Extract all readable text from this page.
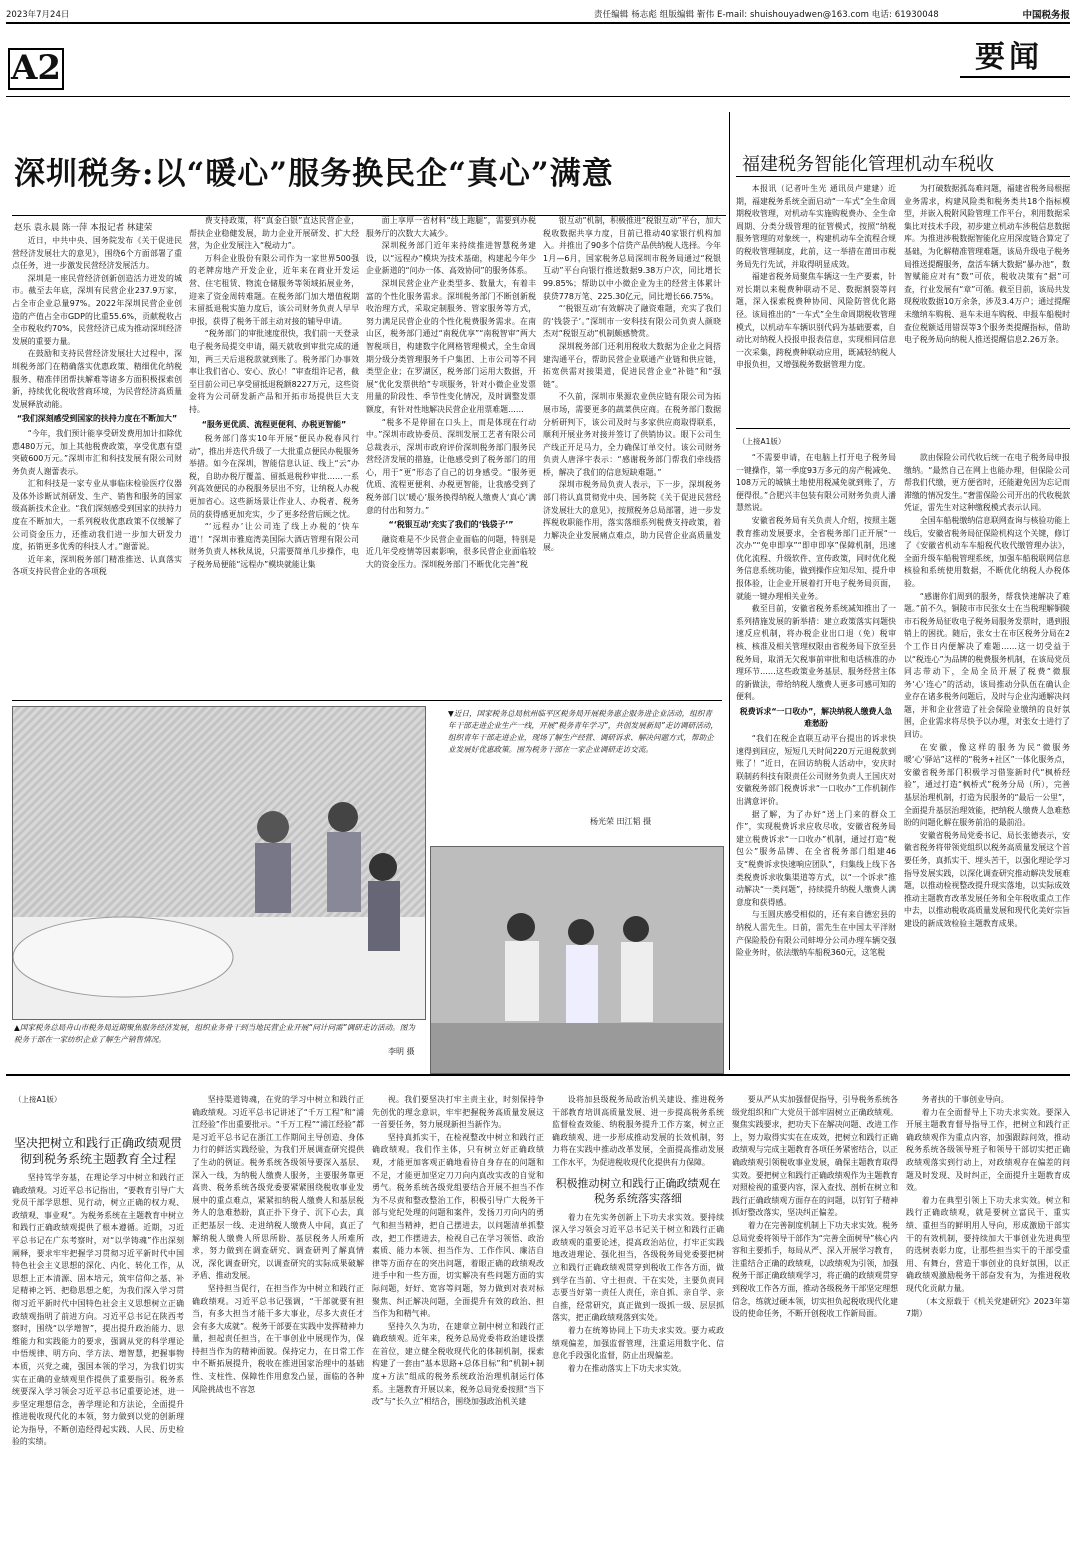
2023年7月24日	责任编辑 杨志彪 组版编辑 靳伟 E-mail: shuishouyadwen@163.com 电话: 61930048	中国税务报
A2	要闻
深圳税务:以“暖心”服务换民企“真心”满意
赵乐 袁永晨 陈一萍 本报记者 林建荣

近日，中共中央、国务院发布《关于促进民营经济发展壮大的意见》，围绕6个方面部署了重点任务，进一步激发民营经济发展活力。

深圳是一座民营经济创新创造活力迸发的城市。截至去年底，深圳有民营企业237.9万家，占全市企业总量97%。2022年深圳民营企业创造的产值占全市GDP的比重55.6%，贡献税收占全市税收约70%，民营经济已成为推动深圳经济发展的重要力量。

在鼓励和支持民营经济发展壮大过程中，深圳税务部门在精确落实优惠政策、精细优化纳税服务、精准伴团帮扶解难等诸多方面积极探索创新，持续优化税收营商环境，为民营经济高质量发展释放动能。

“我们深刻感受到国家的扶持力度在不断加大”

“今年，我们预计能享受研发费用加计扣除优惠480万元，加上其他税费政策，享受优惠有望突破600万元。”深圳市汇和科技发展有限公司财务负责人谢蕾表示。

汇和科技是一家专业从事临床检验医疗仪器及体外诊断试剂研发、生产、销售和服务的国家级高新技术企业。“我们深刻感受到国家的扶持力度在不断加大，一系列税收优惠政策不仅缓解了公司资金压力，还推动我们进一步加大研发力度，拓销更多优秀的科技人才。”谢蕾说。

近年来，深圳税务部门精准推送、认真落实各项支持民营企业的各项税

费支持政策，将“真金白银”直达民营企业，帮扶企业稳健发展，助力企业开展研发、扩大经营，为企业发展注入“税动力”。

万科企业股份有限公司作为一家世界500强的老牌房地产开发企业，近年来在商业开发运营、住宅租赁、物流仓储服务等领域拓展业务，迎来了资金周转难题。在税务部门加大增值税期末留抵退税实施力度后，该公司财务负责人早早申报，获得了税务干部主动对接的辅导申请。

“税务部门的审批速度很快，我们前一天登录电子税务局提交申请，隔天就收到审批完成的通知，两三天后退税款就到账了。税务部门办事效率让我们省心、安心、放心！”审查组许记者，截至目前公司已享受留抵退税额8227万元，这些资金将为公司研发新产品和开拓市场提供巨大支持。

“服务更优质、流程更便利、办税更智能”

税务部门落实10年开展“便民办税春风行动”，推出并迭代升级了一大批重点便民办税服务举措。如今在深圳，智能信息认证、线上“云”办税，自助办税厅覆盖、留抵退税秒审批……一系列高效便民的办税服务层出不穷，让纳税人办税更加省心。这些新场景让作业人、办税者、税务员的获得感更加充实，少了更多经营后顾之忧。

“‘远程办’让公司连了线上办税的‘快车道’！”深圳市雅庭湾美国际大酒店管理有限公司财务负责人林秋凤说，只需要简单几步操作，电子税务局便能“远程办”模块就能让集

面上享厚一省材料“线上跑腿”，需要到办税服务厅的次数大大减少。

深圳税务部门近年来持续推进智慧税务建设，以“远程办”模块为技术基础，构建起今年少企业新道的“问办一体、高效协同”的服务体系。

深圳民营企业产业类型多、数量大，有着丰富的个性化服务需求。深圳税务部门不断创新税收治理方式，采取定制服务、管家服务等方式，努力满足民营企业的个性化税费服务需求。在南山区，税务部门通过“南税优享”“南税智审”两大智税项目，构建数字化网格管理模式，全生命周期分级分类管理服务千户集团、上市公司等不同类型企业；在罗湖区，税务部门运用大数据，开展“优化发票供给”专项服务，针对小微企业发票用量的阶段性、季节性变化情况，及时调整发票额度，有针对性地解决民营企业用票难题……

“税多不是停留在口头上，而是体现在行动中。”深圳市政协委员、深圳发展工艺者有限公司总裁表示，深圳市政府评价深圳税务部门服务民营经济发展的措施，让他感受到了税务部门的用心，用于“更”形态了自己的切身感受。“服务更优质、流程更便利、办税更智能，让我感受到了税务部门以‘暖心’服务换得纳税人缴费人‘真心’满意的付出和努力。”

“‘税银互动’充实了我们的‘钱袋子’”

融资难是不少民营企业面临的问题，特别是近几年受疫情等因素影响，很多民营企业面临较大的资金压力。深圳税务部门不断优化完善“税

银互动”机制，积极推进“税银互动”平台，加大税收数据共享力度，目前已推动40家银行机构加入。并推出了90多个信贷产品供纳税人选择。今年1月—6月，国家税务总局深圳市税务局通过“税银互动”平台向银行推送数据9.38万户次，同比增长99.85%；帮助以中小微企业为主的经营主体累计获贷778万笔、225.30亿元，同比增长66.75%。

“‘税银互动’有效解决了融资难题，充实了我们的‘钱袋子’。”深圳市一安科技有限公司负责人颜晓杰对“税银互动”机制颇感赞赏。

深圳税务部门还利用税收大数据为企业之间搭建沟通平台，帮助民营企业联通产业链和供应链，拓宽供需对接渠道，促进民营企业“补链”和“强链”。

不久前，深圳市果源农业供应链有限公司为拓展市场，需要更多的蔬菜供应商。在税务部门数据分析研判下，该公司及时与多家供应商取得联系，顺利开展业务对接并签订了供销协议。眼下公司生产线正开足马力，全力确保订单交付。该公司财务负责人唐泽宇表示：“感谢税务部门帮我们牵线搭桥，解决了我们的信息短缺难题。”

深圳市税务局负责人表示，下一步，深圳税务部门将认真贯彻党中央、国务院《关于促进民营经济发展壮大的意见》，按照税务总局部署，进一步发挥税收职能作用，落实落细系列税费支持政策，着力解决企业发展痛点难点，助力民营企业高质量发展。

福建税务智能化管理机动车税收

本报讯（记者叶生光 通讯员卢建建）近期，福建税务系统全面启动“一车式”全生命周期税收管理，对机动车实施购税费办、全生命周期、分类分级管理的征管模式，按照“纳税服务管理的对象统一，构建机动车全流程合规的税收管理制度，此前，这一举措在莆田市税务局先行先试，并取得明显成效。

福建省税务局聚焦车辆这一生产要素，针对长期以来税费种联动不足、数据割裂等问题，深入探索税费种协同、风险防管优化路径。该局推出的“一车式”全生命周期税收管理模式，以机动车车辆识别代码为基础要素，自动比对纳税人投报申报表信息，实现相同信息一次采集，跨税费种联动应用，既减轻纳税人申报负担，又增强税务数据管理力度。

为打破数据孤岛难问题，福建省税务局根据业务需求，构建风险类和税务类共18个指标模型，并嵌入税附风险管理工作平台，利用数据采集比对技术手段，初步建立机动车涉税信息数据库。为推进涉税数据智能化应用深度链合算定了基础，为化解精准管理难题，该局升级电子税务局推送提醒服务，盘活车辆大数据“暴办池”，数智赋能应对有“数”可依，税收决策有“据”可查，行业发展有“章”可循。截至目前，该局共发现税收数据10万余条，涉及3.4万户；通过提醒未缴纳车购税、退车未退车购税、申报车船税时查位税额适用错误等3个服务类提醒指标，借助电子税务局向纳税人推送提醒信息2.26万条。

（上接A1版）

“不需要申请，在电脑上打开电子税务局一键操作，第一季度93万多元的房产税减免、108万元的城镇土地使用税减免就到账了，方便得很。”合肥兴丰包装有限公司财务负责人潘慧然说。

安徽省税务局有关负责人介绍，按照主题教育推动发展要求，全省税务部门正开展“一次办”“免申即享”“即申即享”保障机制，迅速优化流程、升级软件、宣传政策，同时优化税务信息系统功能，做到操作应知尽知、提升申报体验，让企业开展着打开电子税务局页面，就能一键办理相关业务。

截至目前，安徽省税务系统减知推出了一系列措施发展的新举措：建立政策落实问题快速反应机制，将办税企业出口退（免）税审核、核准及相关管理权限由省税务局下放至县税务局，取消无欠税事前审批和电话核准的办理环节……这些政策业务基层、服务经营主体的新做法，带给纳税人缴费人更多可感可知的便利。

税费诉求“一口收办”，解决纳税人缴费人急难愁盼

“我们在税企直联互动平台提出的诉求快速得到回应，短短几天时间220万元退税款到账了！”近日，在回访纳税人活动中，安庆时联制药科技有限责任公司财务负责人王国庆对安徽税务部门税费诉求“一口收办”工作机制作出满意评价。

据了解，为了办好“送上门来的群众工作”，实现税费诉求应收尽收，安徽省税务局建立税费诉求“一口收办”机制，通过打造“税包公”服务品牌、在全省税务部门组建46支“税费诉求快速响应团队”，归集线上线下各类税费诉求收集渠道等方式，以“一个诉求”推动解决“一类问题”，持续提升纳税人缴费人满意度和获得感。

与玉圆庆感受相似的，还有来自德宏县的纳税人雷先生。日前，雷先生在中国太平洋财产保险股份有限公司蚌埠分公司办理车辆交强险业务时，依法缴纳车船税360元，这笔税

款由保险公司代收后统一在电子税务局申报缴纳。“最然自己在网上也能办理，但保险公司帮我们代缴，更方便省时，还能避免因为忘记而滞缴的情况发生。”奢雷保险公司开出的代收税款凭证，雷先生对这种缴税模式表示认同。

全国车船税缴纳信息联网查询与核验功能上线后，安徽省税务局征保险机构这个关键，修订了《安徽省机动车车船税代收代缴管理办法》，全面升级车船税管理系统，加强车船税联网信息核验和系统使用数据，不断优化纳税人办税体验。

“感谢你们周到的服务，帮我快速解决了难题。”前不久，铜陵市市民张女士在当税理解铜陵市石税务局征收电子税务局服务发票时，遇到报销上的困扰。随后，张女士在市区税务分局在2个工作日内便解决了难题……这一切受益于以“税连心”为品牌的税费服务机制，在该局党员同志带动下，全局全员开展了税费“微服务‘心’连心”的活动，该局推动分队伍在确认企业存在诸多税务问题后，及时与企业沟通解决问题，并和企业营造了社会保险业缴纳的良好氛围，企业需求将尽快予以办理，对张女士进行了回访。

在安徽，像这样的服务为民“微服务暖‘心’驿站”这样的“税务+社区”一体化服务点，安徽省税务部门积极学习借鉴新时代“枫桥经验”，通过打造“枫桥式”税务分局（所），完善基层治理机制，打造为民服务的“最后一公里”，全面提升基层治理效能，把纳税人缴费人急难愁盼的问题化解在服务前沿的最前沿。

安徽省税务局党委书记、局长张德表示，安徽省税务将带领党组织以税务高质量发展这个首要任务，真抓实干、埋头苦干，以强化理论学习指导发展实践，以深化调查研究推动解决发展难题，以推动检视整改提升现实落地，以实际成效推动主题教育改革发展任务和全年税收重点工作中去，以推动税收高质量发展和现代化美好宗旨建设的新成效检验主题教育成果。

▼近日，国家税务总局杭州临平区税务局开展税务惠企服务进企业活动，组织青年干部走进企业生产一线，开展“税务青年学习”，共创发展新局”走访调研活动，组织青年干部走进企业，现场了解生产经营、调研诉求、解决问题方式，帮助企业发展好优惠政策。围为税务干部在一家企业调研走访交流。
杨光荣 田江韬 摄
▲国家税务总局舟山市税务局近期聚焦服务经济发展，组织业务骨干到当地民营企业开展“问计问需”调研走访活动。图为税务干部在一家纺织企业了解生产销售情况。
李明 摄
（上接A1版）
坚决把树立和践行正确政绩观贯彻到税务系统主题教育全过程

坚持笃学夯基，在理论学习中树立和践行正确政绩观。习近平总书记指出，“要教育引导广大党员干部学思想、见行动，树立正确的权力观、政绩观、事业观”。为税务系统在主题教育中树立和践行正确政绩观提供了根本遵循。近期，习近平总书记在广东考察时，对“以学铸魂”作出深刻阐释，要求牢牢把握学习贯彻习近平新时代中国特色社会主义思想的深化、内化、转化工作，从思想上正本清源、固本培元，筑牢信仰之基、补足精神之钙、把稳思想之舵，为我们深入学习贯彻习近平新时代中国特色社会主义思想树立正确政绩观指明了前进方向。习近平总书记在陕西考察时，围绕“以学增智”，提出提升政治能力、思维能力和实践能力的要求，强调从党的科学理论中悟规律、明方向、学方法、增智慧，把握事物本质，兴党之魂，强国本领的学习，为我们切实实在正确的业绩观里作提供了重要指引。税务系统要深入学习领会习近平总书记重要论述，进一步坚定理想信念，善学理论和方法论，全面提升推进税收现代化的本领，努力做到以党的创新理论为指导，不断创造经得起实践、人民、历史检验的实绩。

坚持渠道铸魂，在党的学习中树立和践行正确政绩观。习近平总书记讲述了“千万工程”和“浦江经验”作出重要批示。“千万工程”“浦江经验”都是习近平总书记在浙江工作期间主导创造、身体力行的鲜活实践经验，为我们开展调查研究提供了生动的例证。税务系统各级领导要深入基层、深入一线，为纳税人缴费人服务，主要服务靠更高贵、税务系统各级党委要紧紧围绕税收事业发展中的重点难点，紧紧扣纳税人缴费人和基层税务人的急难愁盼，真正扑下身子、沉下心去，真正把基层一线、走进纳税人缴费人中间，真正了解纳税人缴费人所思所盼、基层税务人所难所求，努力做到在调查研究、调查研判了解真情况，深化调查研究，以调查研究的实际成果破解矛盾、推动发展。

坚持担当促行，在担当作为中树立和践行正确政绩观。习近平总书记强调，“干部就要有担当，有多大担当才能干多大事业，尽多大责任才会有多大成就”。税务干部要在实践中发挥精神力量，担起责任担当，在干事创业中展现作为，保持担当作为的精神面貌。保持定力，在日常工作中不断拓展提升，税收在推进国家治理中的基础性、支柱性、保障性作用愈发凸显，面临的各种风险挑战也不容忽

视。我们要坚决打牢主责主业，时刻保持争先创优的理念意识，牢牢把握税务高质量发展这一首要任务，努力展现新担当新作为。

坚持真抓实干，在检视整改中树立和践行正确政绩观。我们作主体，只有树立好正确政绩观，才能更加客观正确地看待自身存在的问题和不足，才能更加坚定刀刀向内真改实改的自觉和勇气。税务系统各级党组要结合开展不担当不作为不尽责和整改整治工作，积极引导广大税务干部与党纪处理的问题和案件，发扬刀刃向内的勇气和担当精神，把自己摆进去，以问题清单抓整改，把工作摆进去，检视自己在学习领悟、政治素质、能力本领、担当作为、工作作风、廉洁自律等方面存在的突出问题，着眼正确的政绩观改进手中和一些方面，切实解决有些问题方面的实际问题，好好、宽容等问题，努力做到对表对标聚焦、纠正解决问题，全面提升有效的政治、担当作为和精气神。

坚持久久为功，在建章立制中树立和践行正确政绩观。近年来，税务总局党委将政治建设摆在首位，建立健全税收现代化的体制机制，探索构建了一套由“基本思路+总体目标”和“机制+制度+方法”组成的税务系统政治治理机制运行体系。主题教育开展以来，税务总局党委按照“当下改”与“长久立”相结合，围绕加强政治机关建

设将加县级税务局政治机关建设、推进税务干部教育培训高质量发展、进一步提高税务系统监督检查效能、纳税服务提升工作方案，树立正确政绩观、进一步形成推动发展的长效机制，努力将在实践中推动改革发展，全面提高推动发展工作水平，为促进税收现代化提供有力保障。

积极推动树立和践行正确政绩观在税务系统落实落细

着力在先实务创新上下功夫求实效。要持续深入学习领会习近平总书记关于树立和践行正确政绩观的重要论述，提高政治站位，打牢正实践地改进理论、强化担当，各级税务局党委要把树立和践行正确政绩观贯穿到税收工作各方面，做到学在当前、守土担责、干在实处，主要负责同志要当好第一责任人责任，亲自抓、亲自学、亲自推，经常研究，真正做到一级抓一级、层层抓落实，把正确政绩观落到实处。

着力在统筹协同上下功夫求实效。要力戒政绩观偏差，加强监督管理，注重运用数字化、信息化手段强化监督，防止出现偏差。

着力在推动落实上下功夫求实效。

要从严从实加强督促指导，引导税务系统各级党组织和广大党员干部牢固树立正确政绩观。聚焦实践要求，把功夫下在解决问题、改进工作上，努力取得实实在在成效，把树立和践行正确政绩观与完成主题教育各项任务紧密结合，以正确政绩观引领税收事业发展，确保主题教育取得实效。要把树立和践行正确政绩观作为主题教育对照检视的重要内容，深入查找、剖析在树立和践行正确政绩观方面存在的问题，以钉钉子精神抓好整改落实，坚决纠正偏差。

着力在完善制度机制上下功夫求实效。税务总局党委将领导干部作为“完善全面树导”核心内容和主要抓手，每局从严、深入开展学习教育，注重结合正确的政绩观，以政绩观为引领，加强税务干部正确政绩观学习，将正确的政绩观贯穿到税收工作各方面，推动各级税务干部坚定理想信念，练就过硬本领，切实担负起税收现代化建设的使命任务，不断开创税收工作新局面。

务者扶的干事创业导向。

着力在全面督导上下功夫求实效。要深入开展主题教育督导指导工作，把树立和践行正确政绩观作为重点内容，加强跟踪问效，推动税务系统各级领导班子和领导干部切实把正确政绩观落实到行动上，对政绩观存在偏差的问题及时发现、及时纠正，全面提升主题教育成效。

着力在典型引领上下功夫求实效。树立和践行正确政绩观，就是要树立富民干、重实绩、重担当的鲜明用人导向，形成激励干部实干的有效机制，要持续加大干事创业先进典型的选树表彰力度，让那些担当实干的干部受重用、有舞台，营造干事创业的良好氛围，以正确政绩观激励税务干部奋发有为，为推进税收现代化贡献力量。

（本文原载于《机关党建研究》2023年第7期）
